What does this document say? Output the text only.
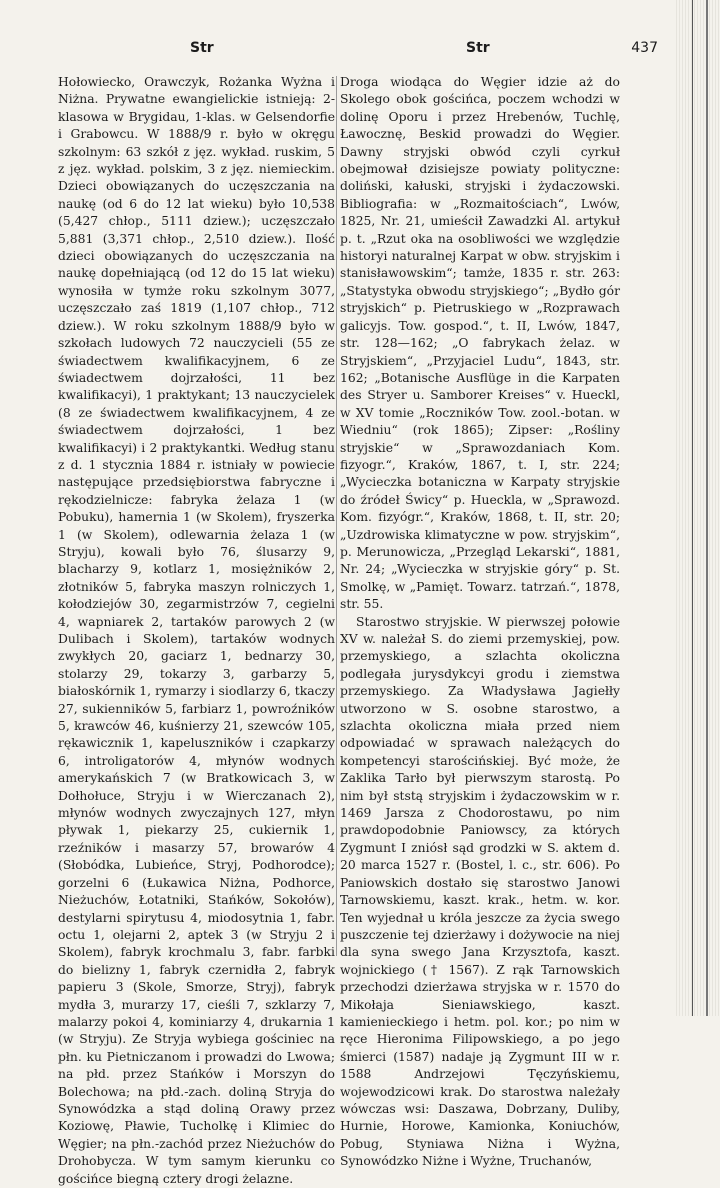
Str	Str	437

Hołowiecko, Orawczyk, Rożanka Wyżna i Niżna. Prywatne ewangielickie istnieją: 2-klasowa w Brygidau, 1-klas. w Gelsendorfie i Grabowcu. W 1888/9 r. było w okręgu szkolnym: 63 szkół z jęz. wykład. ruskim, 5 z jęz. wykład. polskim, 3 z jęz. niemieckim. Dzieci obowiązanych do uczęszczania na naukę (od 6 do 12 lat wieku) było 10,538 (5,427 chłop., 5111 dziew.); uczęszczało 5,881 (3,371 chłop., 2,510 dziew.). Ilość dzieci obowiązanych do uczęszczania na naukę dopełniającą (od 12 do 15 lat wieku) wynosiła w tymże roku szkolnym 3077, uczęszczało zaś 1819 (1,107 chłop., 712 dziew.). W roku szkolnym 1888/9 było w szkołach ludowych 72 nauczycieli (55 ze świadectwem kwalifikacyjnem, 6 ze świadectwem dojrzałości, 11 bez kwalifikacyi), 1 praktykant; 13 nauczycielek (8 ze świadectwem kwalifikacyjnem, 4 ze świadectwem dojrzałości, 1 bez kwalifikacyi) i 2 praktykantki. Według stanu z d. 1 stycznia 1884 r. istniały w powiecie następujące przedsiębiorstwa fabryczne i rękodzielnicze: fabryka żelaza 1 (w Pobuku), hamernia 1 (w Skolem), fryszerka 1 (w Skolem), odlewarnia żelaza 1 (w Stryju), kowali było 76, ślusarzy 9, blacharzy 9, kotlarz 1, mosiężników 2, złotników 5, fabryka maszyn rolniczych 1, kołodziejów 30, zegarmistrzów 7, cegielni 4, wapniarek 2, tartaków parowych 2 (w Dulibach i Skolem), tartaków wodnych zwykłych 20, gaciarz 1, bednarzy 30, stolarzy 29, tokarzy 3, garbarzy 5, białoskórnik 1, rymarzy i siodlarzy 6, tkaczy 27, sukienników 5, farbiarz 1, powroźników 5, krawców 46, kuśnierzy 21, szewców 105, rękawicznik 1, kapeluszników i czapkarzy 6, introligatorów 4, młynów wodnych amerykańskich 7 (w Bratkowicach 3, w Dołhołuce, Stryju i w Wierczanach 2), młynów wodnych zwyczajnych 127, młyn pływak 1, piekarzy 25, cukiernik 1, rzeźników i masarzy 57, browarów 4 (Słobódka, Lubieńce, Stryj, Podhorodce); gorzelni 6 (Łukawica Niżna, Podhorce, Nieżuchów, Łotatniki, Stańków, Sokołów), destylarni spirytusu 4, miodosytnia 1, fabr. octu 1, olejarni 2, aptek 3 (w Stryju 2 i Skolem), fabryk krochmalu 3, fabr. farbki do bielizny 1, fabryk czernidła 2, fabryk papieru 3 (Skole, Smorze, Stryj), fabryk mydła 3, murarzy 17, cieśli 7, szklarzy 7, malarzy pokoi 4, kominiarzy 4, drukarnia 1 (w Stryju). Ze Stryja wybiega gościniec na płn. ku Pietniczanom i prowadzi do Lwowa; na płd. przez Stańków i Morszyn do Bolechowa; na płd.-zach. doliną Stryja do Synowódzka a stąd doliną Orawy przez Koziowę, Pławie, Tucholkę i Klimiec do Węgier; na płn.-zachód przez Nieżuchów do Drohobycza. W tym samym kierunku co gościńce biegną cztery drogi żelazne.

Droga wiodąca do Węgier idzie aż do Skolego obok gościńca, poczem wchodzi w dolinę Oporu i przez Hrebenów, Tuchlę, Ławocznę, Beskid prowadzi do Węgier. Dawny stryjski obwód czyli cyrkuł obejmował dzisiejsze powiaty polityczne: doliński, kałuski, stryjski i żydaczowski. Bibliografia: w „Rozmaitościach“, Lwów, 1825, Nr. 21, umieścił Zawadzki Al. artykuł p. t. „Rzut oka na osobliwości we względzie historyi naturalnej Karpat w obw. stryjskim i stanisławowskim“; tamże, 1835 r. str. 263: „Statystyka obwodu stryjskiego“; „Bydło gór stryjskich“ p. Pietruskiego w „Rozprawach galicyjs. Tow. gospod.“, t. II, Lwów, 1847, str. 128—162; „O fabrykach żelaz. w Stryjskiem“, „Przyjaciel Ludu“, 1843, str. 162; „Botanische Ausflüge in die Karpaten des Stryer u. Samborer Kreises“ v. Hueckl, w XV tomie „Roczników Tow. zool.-botan. w Wiedniu“ (rok 1865); Zipser: „Rośliny stryjskie“ w „Sprawozdaniach Kom. fizyogr.“, Kraków, 1867, t. I, str. 224; „Wycieczka botaniczna w Karpaty stryjskie do źródeł Świcy“ p. Hueckla, w „Sprawozd. Kom. fizyógr.“, Kraków, 1868, t. II, str. 20; „Uzdrowiska klimatyczne w pow. stryjskim“, p. Merunowicza, „Przegląd Lekarski“, 1881, Nr. 24; „Wycieczka w stryjskie góry“ p. St. Smolkę, w „Pamięt. Towarz. tatrzań.“, 1878, str. 55.

Starostwo stryjskie. W pierwszej połowie XV w. należał S. do ziemi przemyskiej, pow. przemyskiego, a szlachta okoliczna podlegała jurysdykcyi grodu i ziemstwa przemyskiego. Za Władysława Jagiełły utworzono w S. osobne starostwo, a szlachta okoliczna miała przed niem odpowiadać w sprawach należących do kompetencyi starościńskiej. Być może, że Zaklika Tarło był pierwszym starostą. Po nim był ststą stryjskim i żydaczowskim w r. 1469 Jarsza z Chodorostawu, po nim prawdopodobnie Paniowscy, za których Zygmunt I zniósł sąd grodzki w S. aktem d. 20 marca 1527 r. (Bostel, l. c., str. 606). Po Paniowskich dostało się starostwo Janowi Tarnowskiemu, kaszt. krak., hetm. w. kor. Ten wyjednał u króla jeszcze za życia swego puszczenie tej dzierżawy i dożywocie na niej dla syna swego Jana Krzysztofa, kaszt. wojnickiego († 1567). Z rąk Tarnowskich przechodzi dzierżawa stryjska w r. 1570 do Mikołaja Sieniawskiego, kaszt. kamienieckiego i hetm. pol. kor.; po nim w ręce Hieronima Filipowskiego, a po jego śmierci (1587) nadaje ją Zygmunt III w r. 1588 Andrzejowi Tęczyńskiemu, wojewodzicowi krak. Do starostwa należały wówczas wsi: Daszawa, Dobrzany, Duliby, Hurnie, Horowe, Kamionka, Koniuchów, Pobug, Styniawa Niżna i Wyżna, Synowódzko Niżne i Wyżne, Truchanów,
